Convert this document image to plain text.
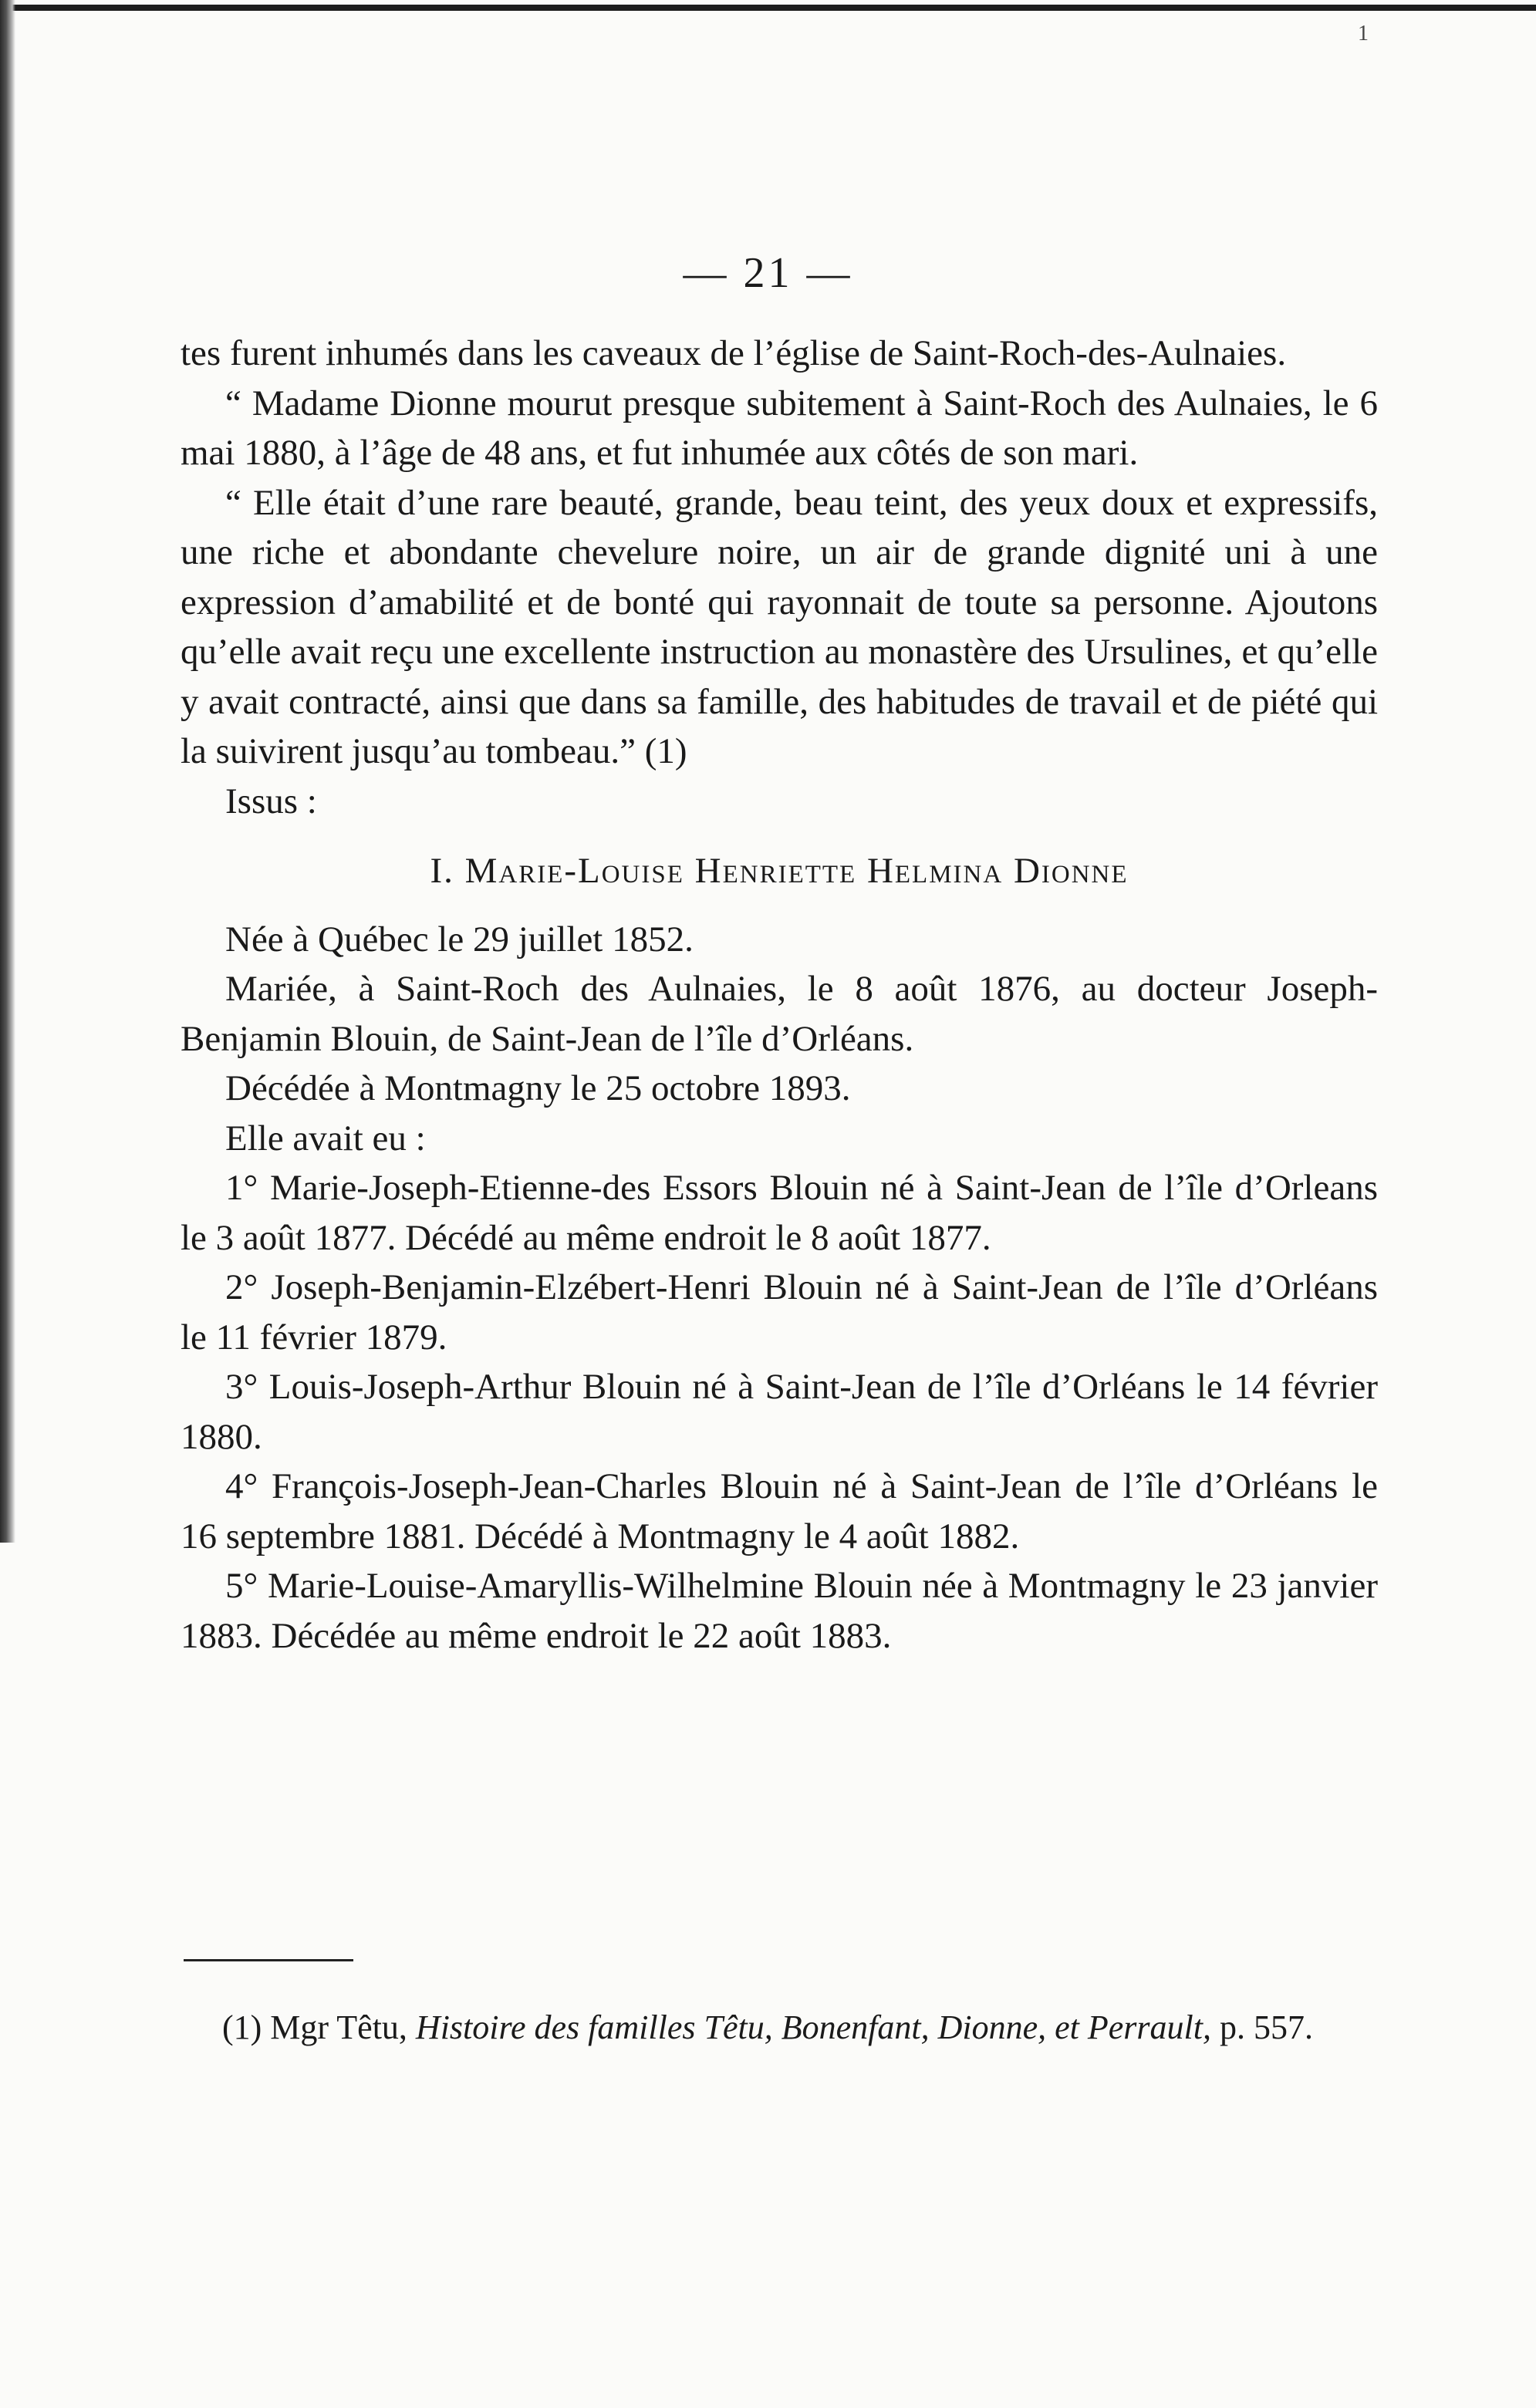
1
— 21 —

tes furent inhumés dans les caveaux de l’église de Saint-Roch-des-Aulnaies.

“ Madame Dionne mourut presque subitement à Saint-Roch des Aulnaies, le 6 mai 1880, à l’âge de 48 ans, et fut inhumée aux côtés de son mari.

“ Elle était d’une rare beauté, grande, beau teint, des yeux doux et expressifs, une riche et abondante chevelure noire, un air de grande dignité uni à une expression d’amabilité et de bonté qui rayonnait de toute sa personne. Ajoutons qu’elle avait reçu une excellente instruction au monastère des Ursulines, et qu’elle y avait contracté, ainsi que dans sa famille, des habitudes de travail et de piété qui la suivirent jusqu’au tombeau.” (1)

Issus :

I. Marie-Louise Henriette Helmina Dionne

Née à Québec le 29 juillet 1852.

Mariée, à Saint-Roch des Aulnaies, le 8 août 1876, au docteur Joseph-Benjamin Blouin, de Saint-Jean de l’île d’Orléans.

Décédée à Montmagny le 25 octobre 1893.

Elle avait eu :

1° Marie-Joseph-Etienne-des Essors Blouin né à Saint-Jean de l’île d’Orleans le 3 août 1877. Décédé au même endroit le 8 août 1877.

2° Joseph-Benjamin-Elzébert-Henri Blouin né à Saint-Jean de l’île d’Orléans le 11 février 1879.

3° Louis-Joseph-Arthur Blouin né à Saint-Jean de l’île d’Orléans le 14 février 1880.

4° François-Joseph-Jean-Charles Blouin né à Saint-Jean de l’île d’Orléans le 16 septembre 1881. Décédé à Montmagny le 4 août 1882.

5° Marie-Louise-Amaryllis-Wilhelmine Blouin née à Montmagny le 23 janvier 1883. Décédée au même endroit le 22 août 1883.

(1) Mgr Têtu, Histoire des familles Têtu, Bonenfant, Dionne, et Perrault, p. 557.
